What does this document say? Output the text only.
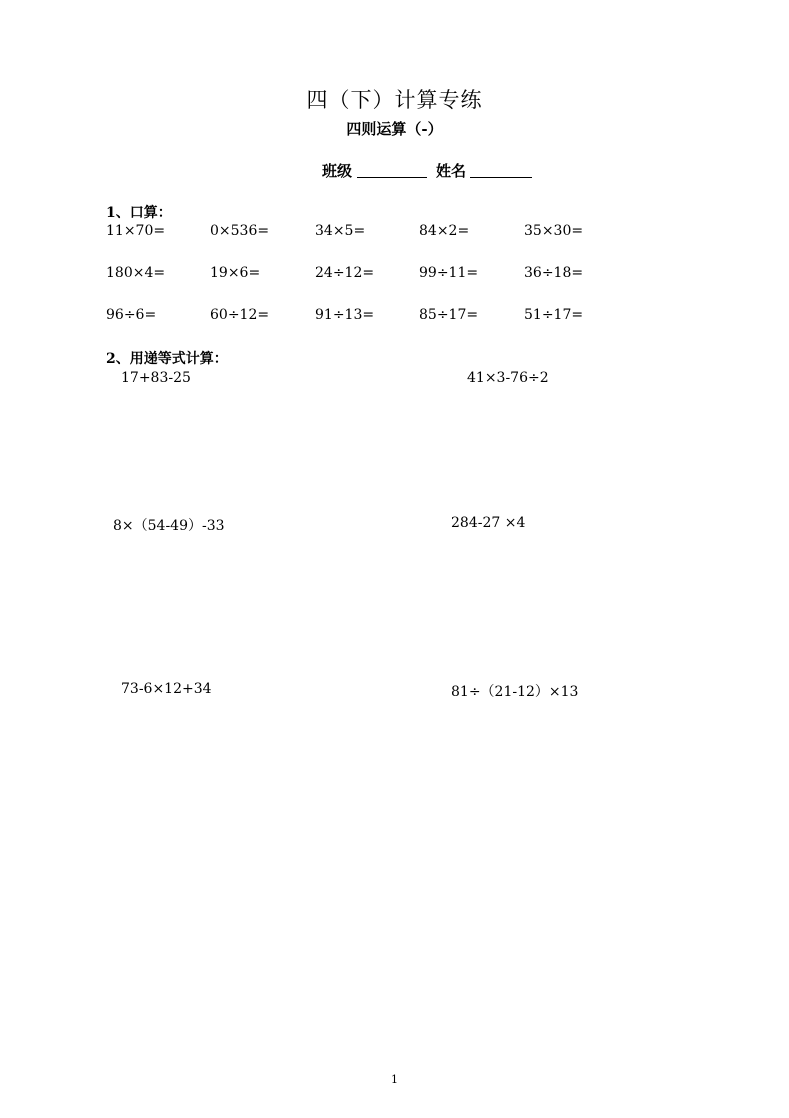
四（下）计算专练
四则运算（-）
班级	姓名
1、口算：
11×70=	0×536=	34×5=	84×2=	35×30=
180×4=	19×6=	24÷12=	99÷11=	36÷18=
96÷6=	60÷12=	91÷13=	85÷17=	51÷17=
2、用递等式计算：
17+83-25	41×3-76÷2
8×（54-49）-33	284-27 ×4
73-6×12+34	81÷（21-12）×13
1
